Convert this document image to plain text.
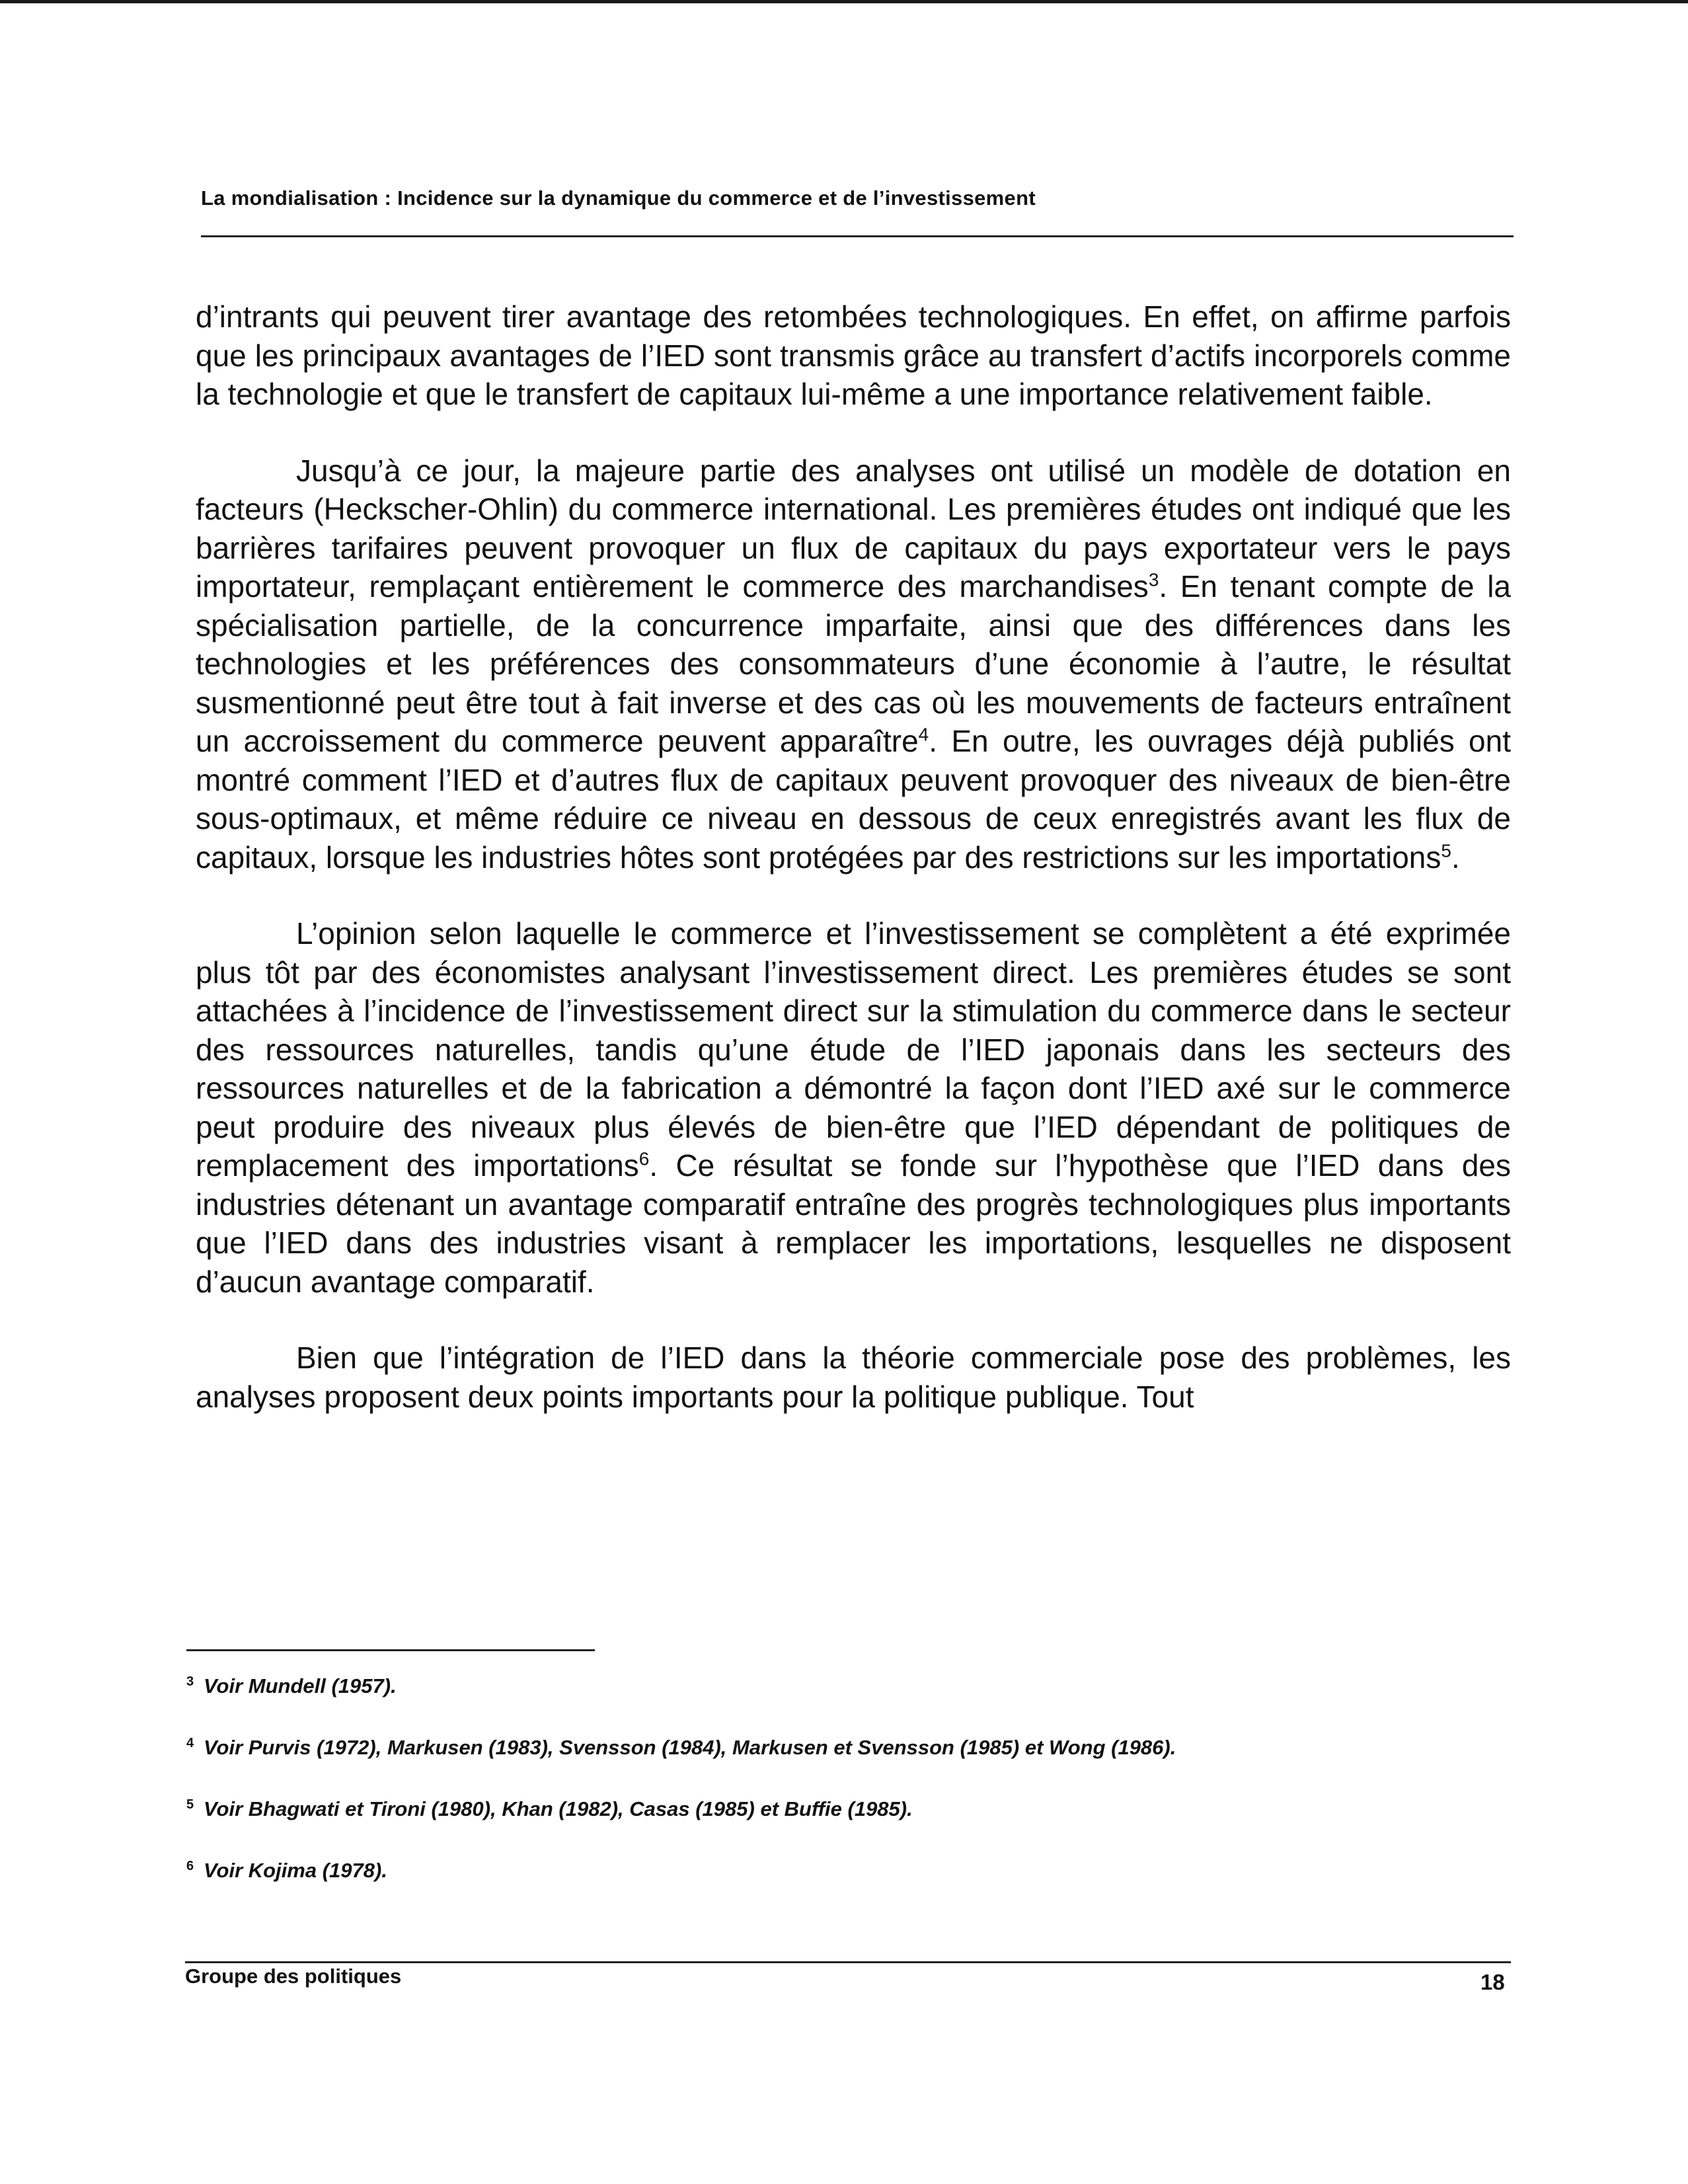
La mondialisation : Incidence sur la dynamique du commerce et de l’investissement

d’intrants qui peuvent tirer avantage des retombées technologiques. En effet, on affirme parfois que les principaux avantages de l’IED sont transmis grâce au transfert d’actifs incorporels comme la technologie et que le transfert de capitaux lui-même a une importance relativement faible.

Jusqu’à ce jour, la majeure partie des analyses ont utilisé un modèle de dotation en facteurs (Heckscher-Ohlin) du commerce international. Les premières études ont indiqué que les barrières tarifaires peuvent provoquer un flux de capitaux du pays exportateur vers le pays importateur, remplaçant entièrement le commerce des marchandises$^3$. En tenant compte de la spécialisation partielle, de la concurrence imparfaite, ainsi que des différences dans les technologies et les préférences des consommateurs d’une économie à l’autre, le résultat susmentionné peut être tout à fait inverse et des cas où les mouvements de facteurs entraînent un accroissement du commerce peuvent apparaître$^4$. En outre, les ouvrages déjà publiés ont montré comment l’IED et d’autres flux de capitaux peuvent provoquer des niveaux de bien-être sous-optimaux, et même réduire ce niveau en dessous de ceux enregistrés avant les flux de capitaux, lorsque les industries hôtes sont protégées par des restrictions sur les importations$^5$.

L’opinion selon laquelle le commerce et l’investissement se complètent a été exprimée plus tôt par des économistes analysant l’investissement direct. Les premières études se sont attachées à l’incidence de l’investissement direct sur la stimulation du commerce dans le secteur des ressources naturelles, tandis qu’une étude de l’IED japonais dans les secteurs des ressources naturelles et de la fabrication a démontré la façon dont l’IED axé sur le commerce peut produire des niveaux plus élevés de bien-être que l’IED dépendant de politiques de remplacement des importations$^6$. Ce résultat se fonde sur l’hypothèse que l’IED dans des industries détenant un avantage comparatif entraîne des progrès technologiques plus importants que l’IED dans des industries visant à remplacer les importations, lesquelles ne disposent d’aucun avantage comparatif.

Bien que l’intégration de l’IED dans la théorie commerciale pose des problèmes, les analyses proposent deux points importants pour la politique publique. Tout

3 Voir Mundell (1957).
4 Voir Purvis (1972), Markusen (1983), Svensson (1984), Markusen et Svensson (1985) et Wong (1986).
5 Voir Bhagwati et Tironi (1980), Khan (1982), Casas (1985) et Buffie (1985).
6 Voir Kojima (1978).
Groupe des politiques	18
